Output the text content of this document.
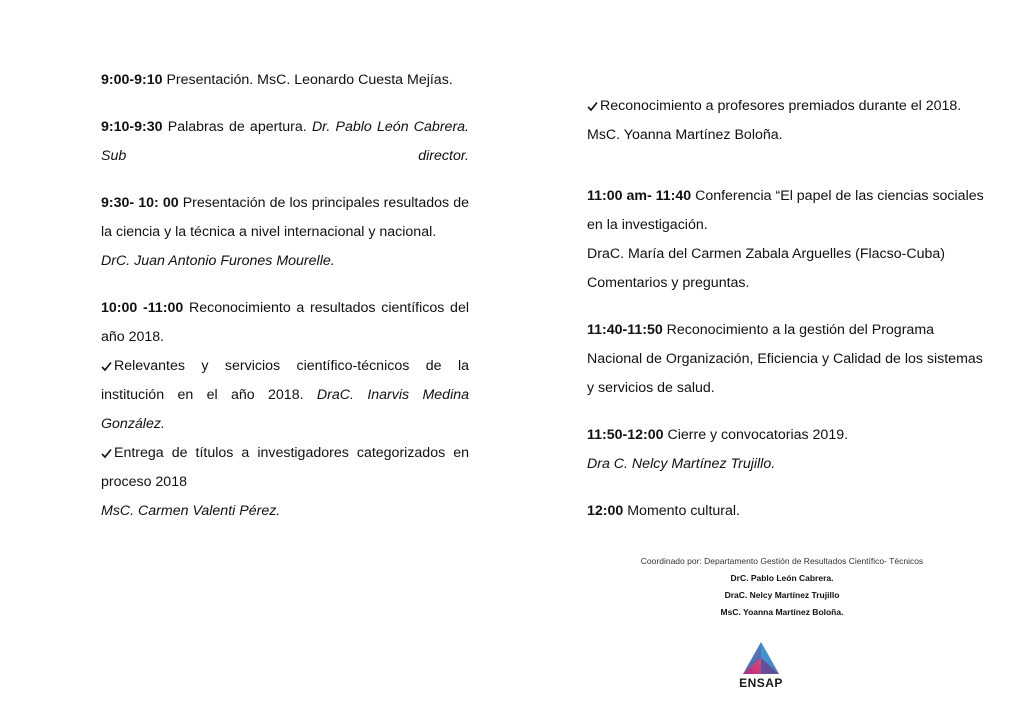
9:00-9:10 Presentación. MsC. Leonardo Cuesta Mejías.

9:10-9:30 Palabras de apertura. Dr. Pablo León Cabrera. Sub director.

9:30- 10: 00 Presentación de los principales resultados de la ciencia y la técnica a nivel internacional y nacional.
DrC. Juan Antonio Furones Mourelle.

10:00 -11:00 Reconocimiento a resultados científicos del año 2018.
Relevantes y servicios científico-técnicos de la institución en el año 2018. DraC. Inarvis Medina González.
Entrega de títulos a investigadores categorizados en proceso 2018
MsC. Carmen Valenti Pérez.

Reconocimiento a profesores premiados durante el 2018.
MsC. Yoanna Martínez Boloña.

11:00 am- 11:40 Conferencia “El papel de las ciencias sociales en la investigación.
DraC. María del Carmen Zabala Arguelles (Flacso-Cuba)
Comentarios y preguntas.

11:40-11:50 Reconocimiento a la gestión del Programa Nacional de Organización, Eficiencia y Calidad de los sistemas y servicios de salud.

11:50-12:00 Cierre y convocatorias 2019.
Dra C. Nelcy Martínez Trujillo.

12:00 Momento cultural.

Coordinado por: Departamento Gestión de Resultados Científico- Técnicos
DrC. Pablo León Cabrera.
DraC. Nelcy Martínez Trujillo
MsC. Yoanna Martínez Boloña.
ENSAP
